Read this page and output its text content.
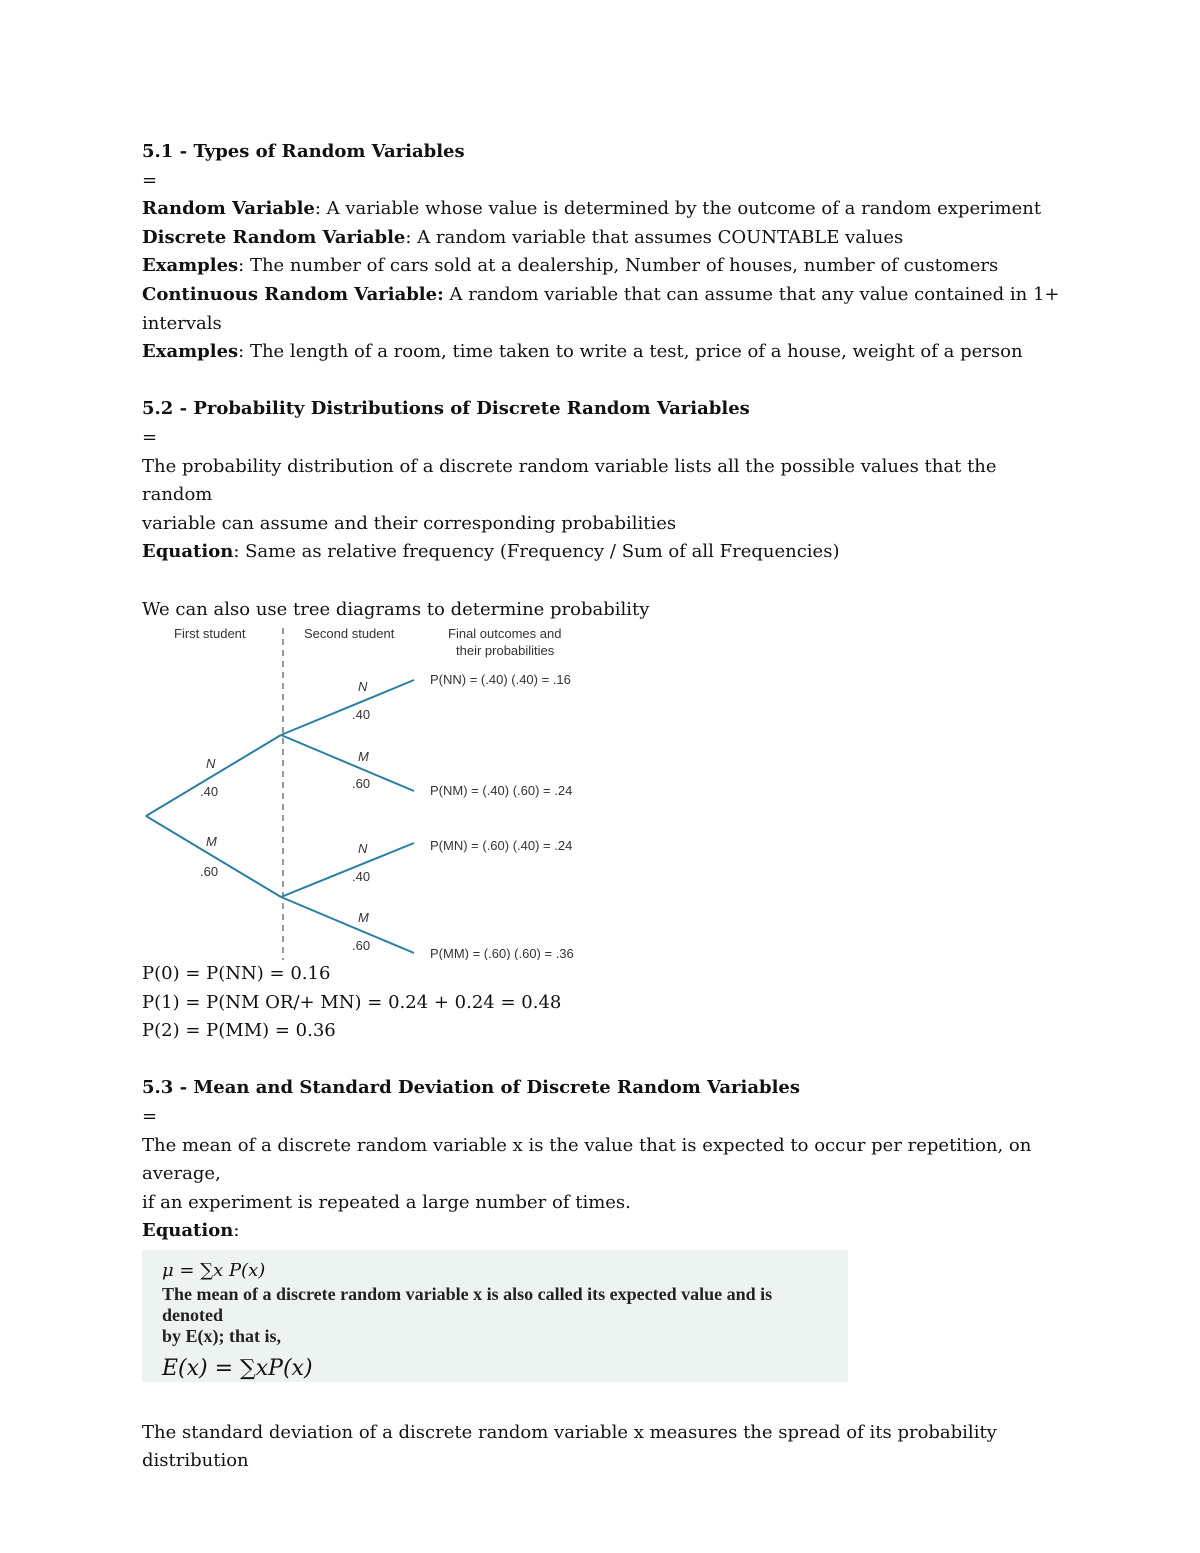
5.1 - Types of Random Variables

=

Random Variable: A variable whose value is determined by the outcome of a random experiment

Discrete Random Variable: A random variable that assumes COUNTABLE values

Examples: The number of cars sold at a dealership, Number of houses, number of customers

Continuous Random Variable: A random variable that can assume that any value contained in 1+

intervals

Examples: The length of a room, time taken to write a test, price of a house, weight of a person

5.2 - Probability Distributions of Discrete Random Variables

=

The probability distribution of a discrete random variable lists all the possible values that the random

variable can assume and their corresponding probabilities

Equation: Same as relative frequency (Frequency / Sum of all Frequencies)

We can also use tree diagrams to determine probability

First student	Second student	Final outcomes and
their probabilities
N
.40
M
.60
N
.40
M
.60
N
.40
M
.60
P(NN) = (.40) (.40) = .16
P(NM) = (.40) (.60) = .24
P(MN) = (.60) (.40) = .24
P(MM) = (.60) (.60) = .36

P(0) = P(NN) = 0.16

P(1) = P(NM OR/+ MN) = 0.24 + 0.24 = 0.48

P(2) = P(MM) = 0.36

5.3 - Mean and Standard Deviation of Discrete Random Variables

=

The mean of a discrete random variable x is the value that is expected to occur per repetition, on average,

if an experiment is repeated a large number of times.

Equation:

μ = ∑x P(x)
The mean of a discrete random variable x is also called its expected value and is denoted
by E(x); that is,
E(x) = ∑xP(x)

The standard deviation of a discrete random variable x measures the spread of its probability distribution
